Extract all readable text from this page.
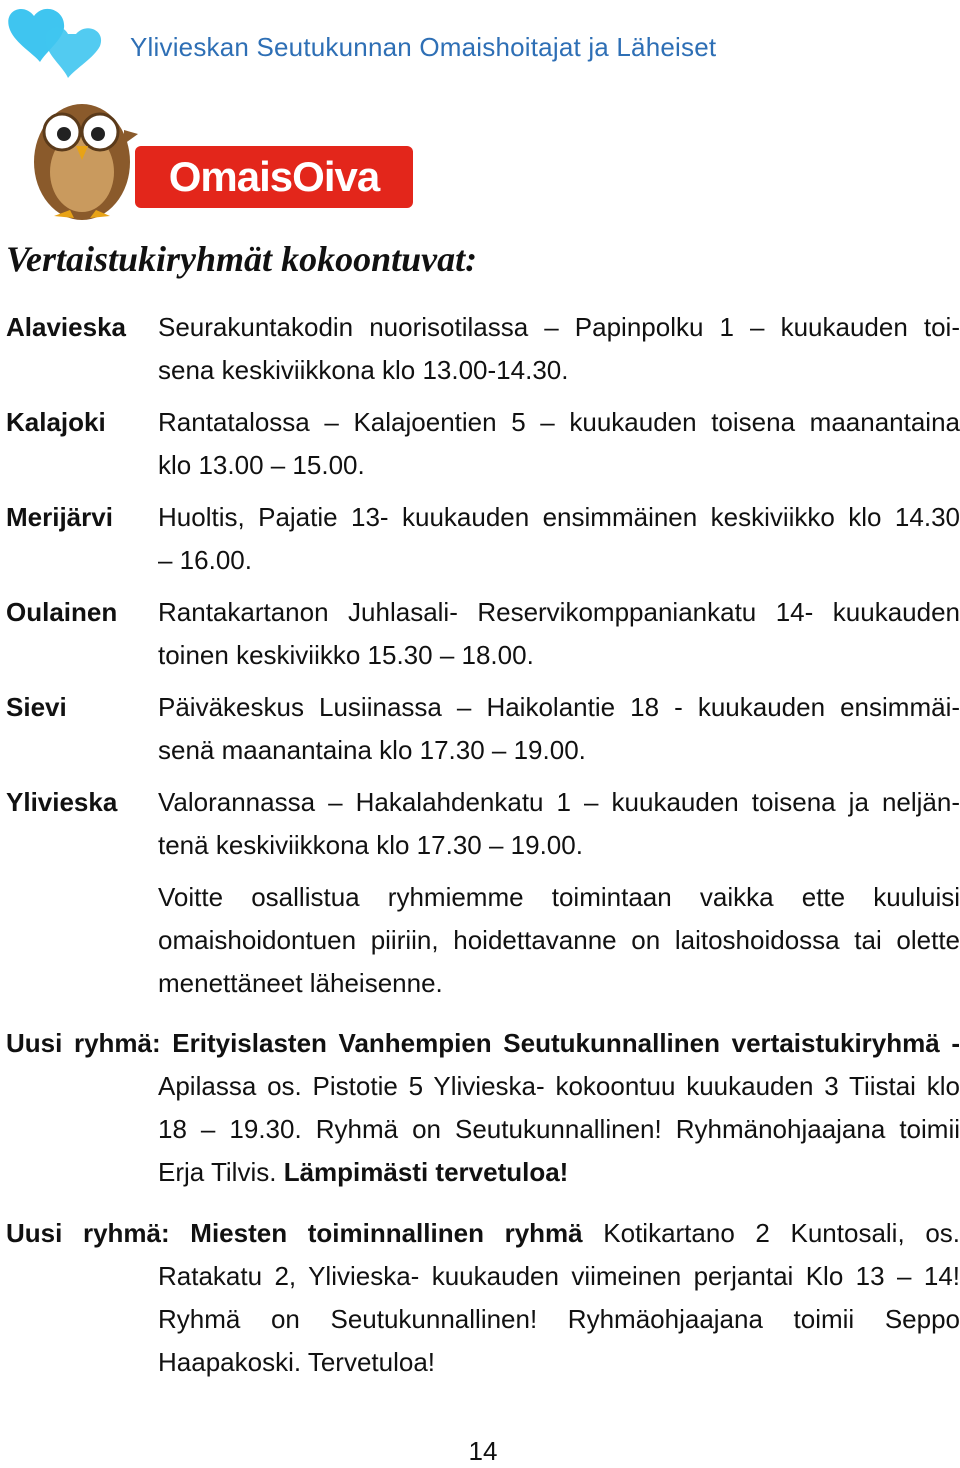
Ylivieskan Seutukunnan Omaishoitajat ja Läheiset
OmaisOiva
Vertaistukiryhmät kokoontuvat:
Alavieska Seurakuntakodin nuorisotilassa – Papinpolku 1 – kuukauden toi-
sena keskiviikkona klo 13.00-14.30.
Kalajoki Rantatalossa – Kalajoentien 5 – kuukauden toisena maanantaina
klo 13.00 – 15.00.
Merijärvi Huoltis, Pajatie 13- kuukauden ensimmäinen keskiviikko klo 14.30
– 16.00.
Oulainen Rantakartanon Juhlasali- Reservikomppaniankatu 14- kuukauden
toinen keskiviikko 15.30 – 18.00.
Sievi	Päiväkeskus Lusiinassa – Haikolantie 18 - kuukauden ensimmäi-
senä maanantaina klo 17.30 – 19.00.
Ylivieska Valorannassa – Hakalahdenkatu 1 – kuukauden toisena ja neljän-
tenä keskiviikkona klo 17.30 – 19.00.
Voitte osallistua ryhmiemme toimintaan vaikka ette kuuluisi omaishoidontuen piiriin, hoidettavanne on laitoshoidossa tai olette menettäneet läheisenne.
Uusi ryhmä: Erityislasten Vanhempien Seutukunnallinen vertaistukiryhmä -
Apilassa os. Pistotie 5 Ylivieska- kokoontuu kuukauden 3 Tiistai klo 18 – 19.30. Ryhmä on Seutukunnallinen! Ryhmänohjaajana toimii Erja Tilvis. Lämpimästi tervetuloa!
Uusi ryhmä: Miesten toiminnallinen ryhmä Kotikartano 2 Kuntosali, os.
Ratakatu 2, Ylivieska- kuukauden viimeinen perjantai Klo 13 – 14! Ryhmä on Seutukunnallinen! Ryhmäohjaajana toimii Seppo Haapakoski. Tervetuloa!
14
